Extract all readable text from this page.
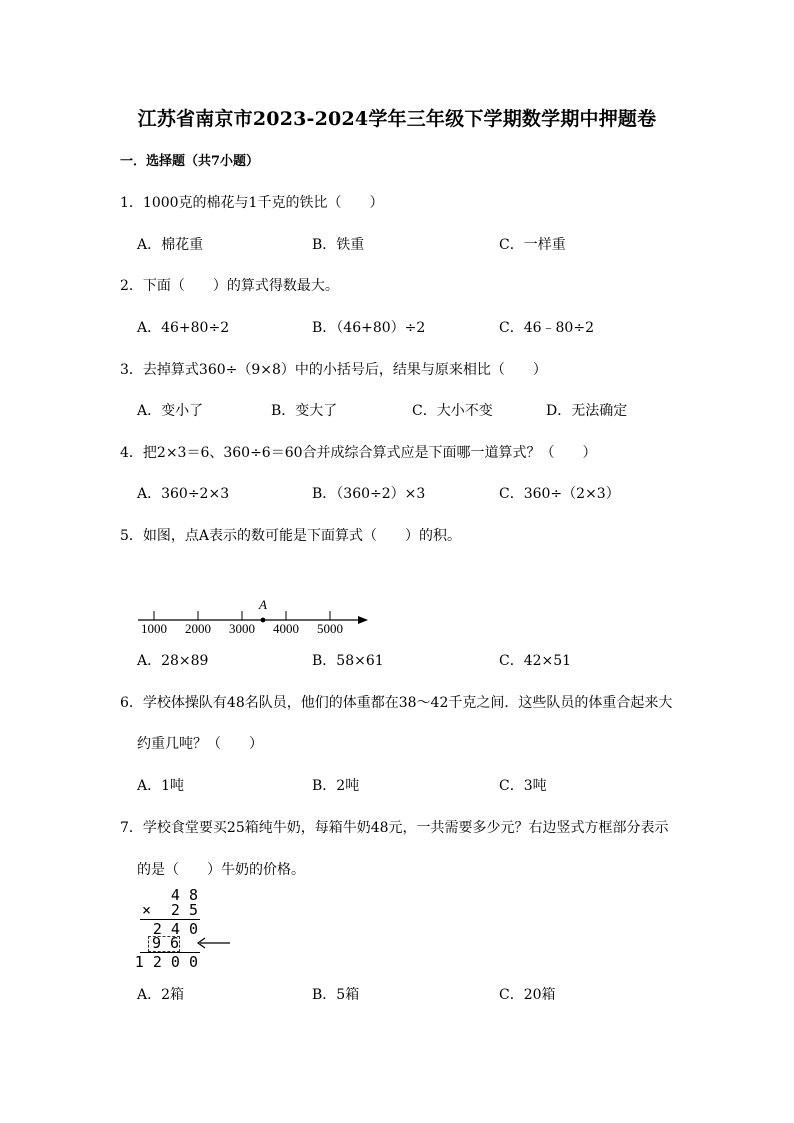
江苏省南京市2023-2024学年三年级下学期数学期中押题卷
一．选择题（共7小题）
1．1000克的棉花与1千克的铁比（　　）
A．棉花重	B．铁重	C．一样重
2．下面（　　）的算式得数最大。
A．46+80÷2	B．（46+80）÷2	C．46﹣80÷2
3．去掉算式360÷（9×8）中的小括号后，结果与原来相比（　　）
A．变小了	B．变大了	C．大小不变	D．无法确定
4．把2×3＝6、360÷6＝60合并成综合算式应是下面哪一道算式？（　　）
A．360÷2×3	B．（360÷2）×3	C．360÷（2×3）
5．如图，点A表示的数可能是下面算式（　　）的积。
A
1000 2000 3000 4000 5000
A．28×89	B．58×61	C．42×51
6．学校体操队有48名队员，他们的体重都在38～42千克之间．这些队员的体重合起来大
约重几吨？（　　）
A．1吨	B．2吨	C．3吨
7．学校食堂要买25箱纯牛奶，每箱牛奶48元，一共需要多少元？右边竖式方框部分表示
的是（　　）牛奶的价格。
4 8
× 2 5
2 4 0
9 6
1 2 0 0
A．2箱	B．5箱	C．20箱
